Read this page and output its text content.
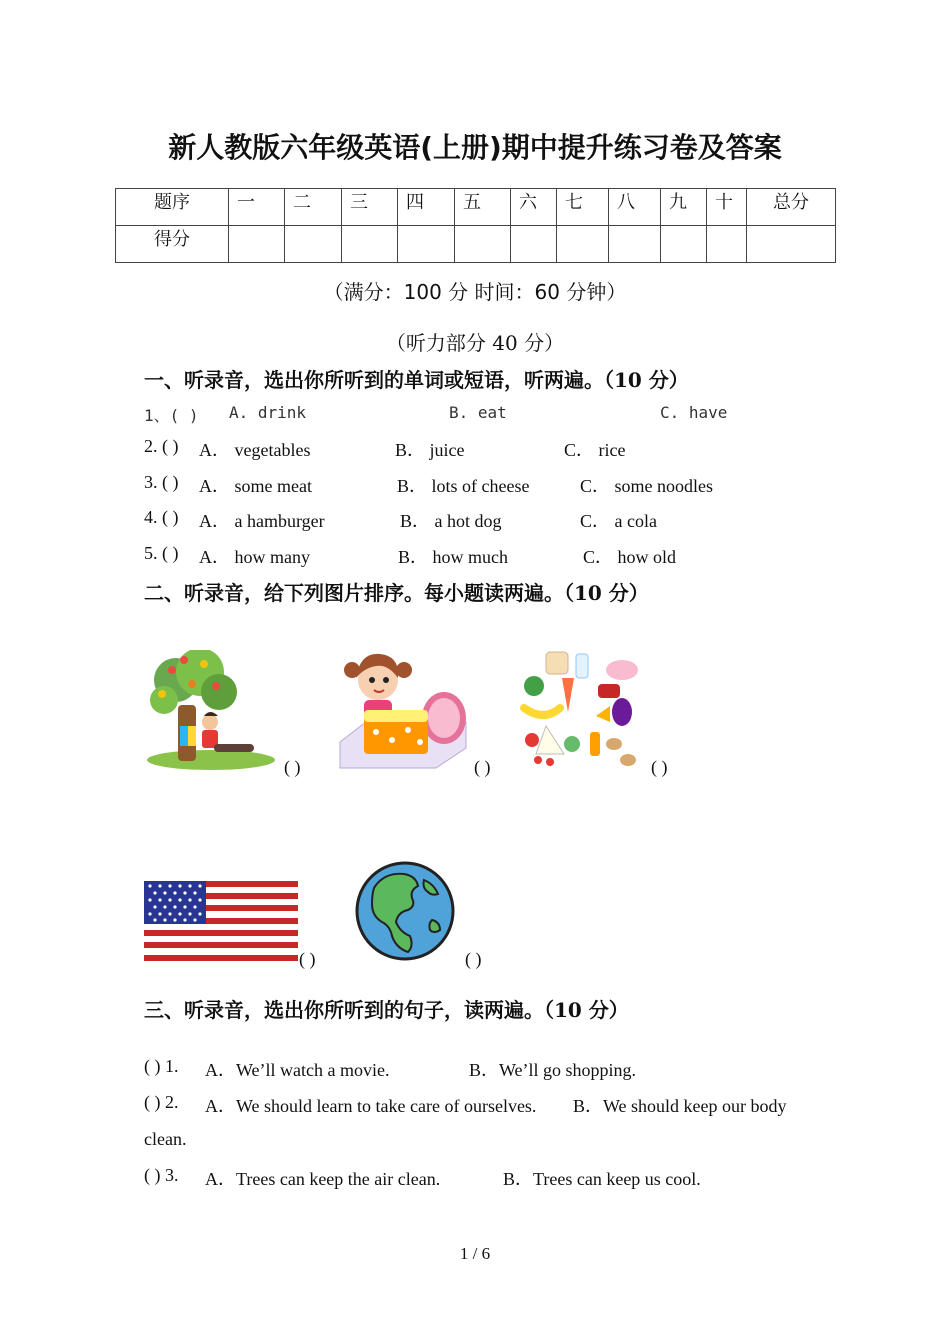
新人教版六年级英语(上册)期中提升练习卷及答案
题序	一	二	三	四	五	六	七	八	九	十	总分
得分											
（满分：100 分 时间：60 分钟）
（听力部分 40 分）
一、听录音，选出你所听到的单词或短语，听两遍。（10 分）
1、( ) A. drink	B. eat	C. have
2. ( ) A． vegetables	B． juice	C． rice
3. ( ) A． some meat	B． lots of cheese	C． some noodles
4. ( ) A． a hamburger	B． a hot dog	C． a cola
5. ( ) A． how many	B． how much	C． how old
二、听录音，给下列图片排序。每小题读两遍。（10 分）
( )	( )	( )
( )	( )
三、听录音，选出你所听到的句子，读两遍。（10 分）
( ) 1. A．We’ll watch a movie.	B．We’ll go shopping.
( ) 2. A．We should learn to take care of ourselves. B．We should keep our body
clean.
( ) 3. A．Trees can keep the air clean.	B．Trees can keep us cool.
1 / 6
